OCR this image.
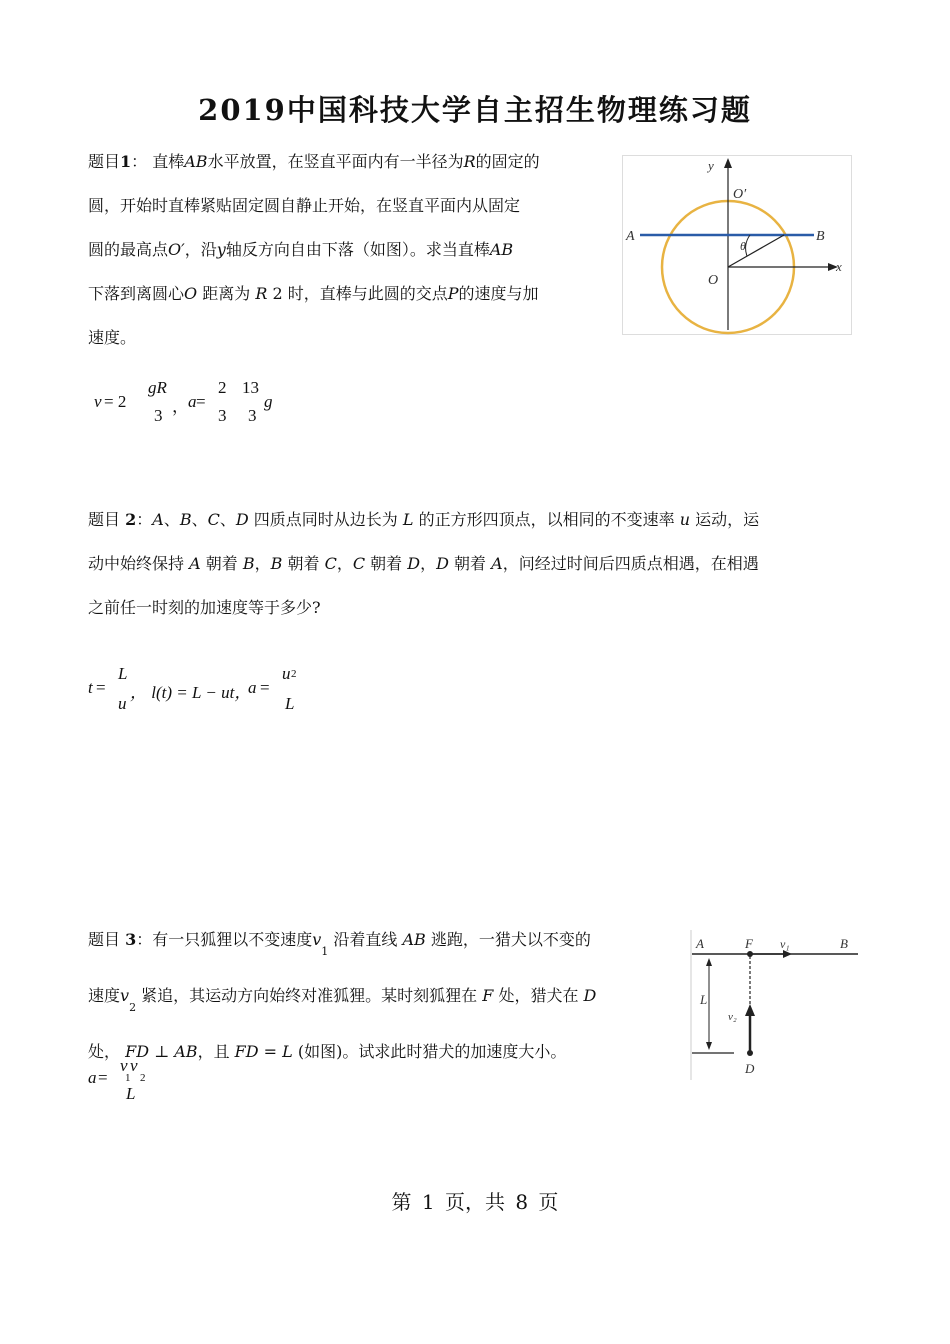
2019中国科技大学自主招生物理练习题
题目1： 直棒AB水平放置，在竖直平面内有一半径为R的固定的
圆，开始时直棒紧贴固定圆自静止开始，在竖直平面内从固定
圆的最高点O′，沿y轴反方向自由下落（如图）。求当直棒AB
下落到离圆心O 距离为 R 2 时，直棒与此圆的交点P的速度与加
速度。
v = 2
gR
3 ， a =
2
3
13
3
g
y
O′
A	B
θ
O
x
题目 2：A、B、C、D 四质点同时从边长为 L 的正方形四顶点，以相同的不变速率 u 运动，运
动中始终保持 A 朝着 B，B 朝着 C，C 朝着 D，D 朝着 A，问经过时间后四质点相遇，在相遇
之前任一时刻的加速度等于多少?
t =
L
u
， l(t) = L − ut，
a =
u 2
L
题目 3：有一只狐狸以不变速度$v_1$ 沿着直线 AB 逃跑，一猎犬以不变的
速度$v_2$ 紧追，其运动方向始终对准狐狸。某时刻狐狸在 F 处，猎犬在 D
处， FD ⊥ AB，且 FD = L (如图)。试求此时猎犬的加速度大小。
a =
v v
1 2
L
A	F v₁	B
L
v₂
D
第 1 页，共 8 页
